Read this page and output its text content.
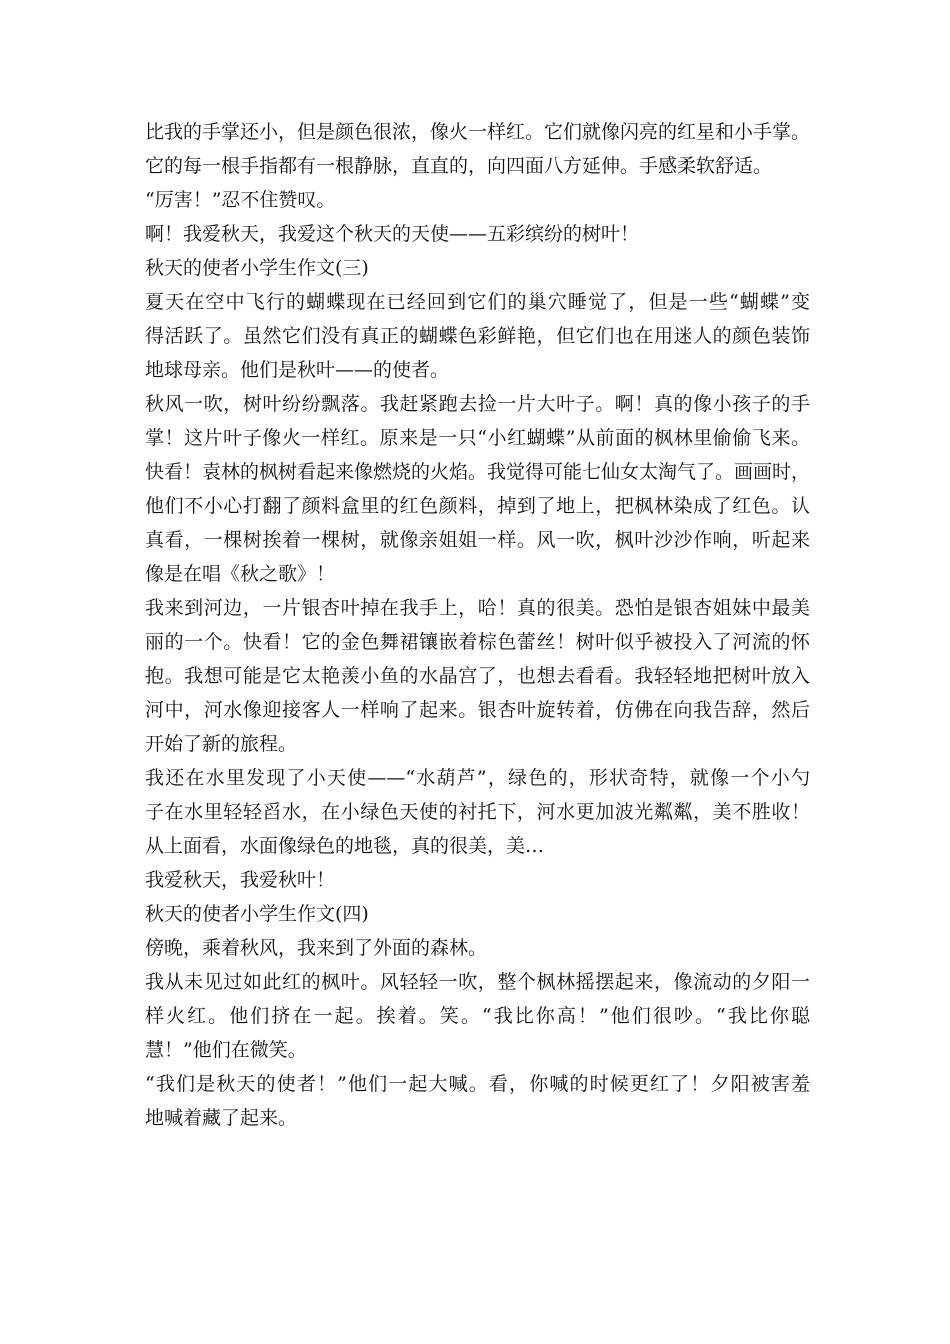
比我的手掌还小，但是颜色很浓，像火一样红。它们就像闪亮的红星和小手掌。
它的每一根手指都有一根静脉，直直的，向四面八方延伸。手感柔软舒适。
“厉害！”忍不住赞叹。
啊！我爱秋天，我爱这个秋天的天使——五彩缤纷的树叶！
秋天的使者小学生作文(三)
夏天在空中飞行的蝴蝶现在已经回到它们的巢穴睡觉了，但是一些“蝴蝶”变
得活跃了。虽然它们没有真正的蝴蝶色彩鲜艳，但它们也在用迷人的颜色装饰
地球母亲。他们是秋叶——的使者。
秋风一吹，树叶纷纷飘落。我赶紧跑去捡一片大叶子。啊！真的像小孩子的手
掌！这片叶子像火一样红。原来是一只“小红蝴蝶”从前面的枫林里偷偷飞来。
快看！袁林的枫树看起来像燃烧的火焰。我觉得可能七仙女太淘气了。画画时，
他们不小心打翻了颜料盒里的红色颜料，掉到了地上，把枫林染成了红色。认
真看，一棵树挨着一棵树，就像亲姐姐一样。风一吹，枫叶沙沙作响，听起来
像是在唱《秋之歌》！
我来到河边，一片银杏叶掉在我手上，哈！真的很美。恐怕是银杏姐妹中最美
丽的一个。快看！它的金色舞裙镶嵌着棕色蕾丝！树叶似乎被投入了河流的怀
抱。我想可能是它太艳羡小鱼的水晶宫了，也想去看看。我轻轻地把树叶放入
河中，河水像迎接客人一样响了起来。银杏叶旋转着，仿佛在向我告辞，然后
开始了新的旅程。
我还在水里发现了小天使——“水葫芦”，绿色的，形状奇特，就像一个小勺
子在水里轻轻舀水，在小绿色天使的衬托下，河水更加波光粼粼，美不胜收！
从上面看，水面像绿色的地毯，真的很美，美…
我爱秋天，我爱秋叶！
秋天的使者小学生作文(四)
傍晚，乘着秋风，我来到了外面的森林。
我从未见过如此红的枫叶。风轻轻一吹，整个枫林摇摆起来，像流动的夕阳一
样火红。他们挤在一起。挨着。笑。“我比你高！”他们很吵。“我比你聪
慧！”他们在微笑。
“我们是秋天的使者！”他们一起大喊。看，你喊的时候更红了！夕阳被害羞
地喊着藏了起来。
